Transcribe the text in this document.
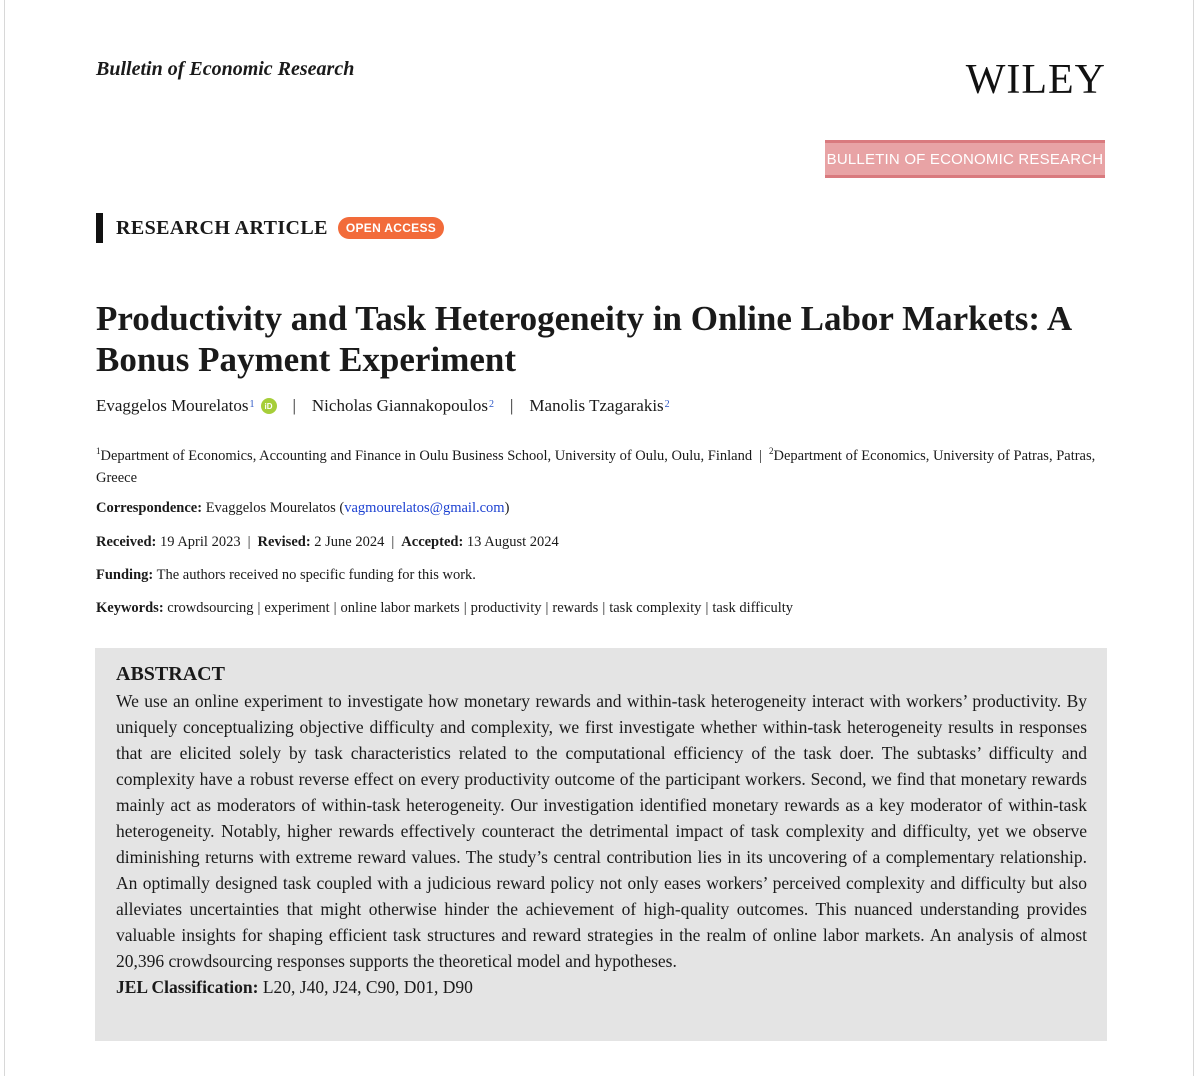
Bulletin of Economic Research	WILEY
BULLETIN OF ECONOMIC RESEARCH
RESEARCH ARTICLE	OPEN ACCESS
Productivity and Task Heterogeneity in Online Labor Markets: A Bonus Payment Experiment
Evaggelos Mourelatos$^1$	iD | Nicholas Giannakopoulos$^2$ | Manolis Tzagarakis$^2$
$^1$Department of Economics, Accounting and Finance in Oulu Business School, University of Oulu, Oulu, Finland | $^2$Department of Economics, University of Patras, Patras, Greece
Correspondence: Evaggelos Mourelatos (vagmourelatos@gmail.com)
Received: 19 April 2023 | Revised: 2 June 2024 | Accepted: 13 August 2024
Funding: The authors received no specific funding for this work.
Keywords: crowdsourcing | experiment | online labor markets | productivity | rewards | task complexity | task difficulty
ABSTRACT

We use an online experiment to investigate how monetary rewards and within-task heterogeneity interact with workers’ productivity. By uniquely conceptualizing objective difficulty and complexity, we first investigate whether within-task heterogeneity results in responses that are elicited solely by task characteristics related to the computational efficiency of the task doer. The subtasks’ difficulty and complexity have a robust reverse effect on every productivity outcome of the participant workers. Second, we find that monetary rewards mainly act as moderators of within-task heterogeneity. Our investigation identified monetary rewards as a key moderator of within-task heterogeneity. Notably, higher rewards effectively counteract the detrimental impact of task complexity and difficulty, yet we observe diminishing returns with extreme reward values. The study’s central contribution lies in its uncovering of a complementary relationship. An optimally designed task coupled with a judicious reward policy not only eases workers’ perceived complexity and difficulty but also alleviates uncertainties that might otherwise hinder the achievement of high-quality outcomes. This nuanced understanding provides valuable insights for shaping efficient task structures and reward strategies in the realm of online labor markets. An analysis of almost 20,396 crowdsourcing responses supports the theoretical model and hypotheses.

JEL Classification: L20, J40, J24, C90, D01, D90
